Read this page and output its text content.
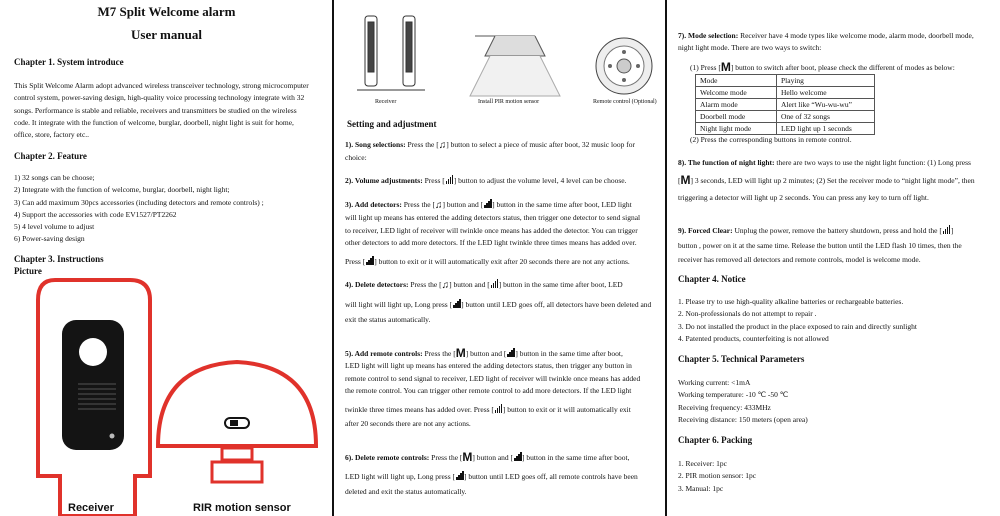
M7 Split Welcome alarm
User manual
Chapter 1. System introduce
This Split Welcome Alarm adopt advanced wireless transceiver technology, strong microcomputer
control system, power-saving design, high-quality voice processing technology integrate with 32
songs. Performance is stable and reliable, receivers and transmitters be studied on the wireless
code. It integrate with the function of welcome, burglar, doorbell, night light is suit for home,
office, store, factory etc..
Chapter 2. Feature
1) 32 songs can be choose;
2) Integrate with the function of welcome, burglar, doorbell, night light;
3) Can add maximum 30pcs accessories (including detectors and remote controls) ;
4) Support the accessories with code EV1527/PT2262
5) 4 level volume to adjust
6) Power-saving design
Chapter 3. Instructions
Picture
Receiver	RIR motion sensor
Receiver	Install PIR motion sensor	Remote control (Optional)
Setting and adjustment
1). Song selections: Press the [♫] button to select a piece of music after boot, 32 music loop for
choice:
2). Volume adjustments: Press [ ] button to adjust the volume level, 4 level can be choose.
3). Add detectors: Press the [♫] button and [ ] button in the same time after boot, LED light
will light up means has entered the adding detectors status, then trigger one detector to send signal
to receiver, LED light of receiver will twinkle once means has added the detector. You can trigger
other detectors to add more detectors. If the LED light twinkle three times means has added over.
Press [ ] button to exit or it will automatically exit after 20 seconds there are not any actions.
4). Delete detectors: Press the [♫] button and [ ] button in the same time after boot, LED
will light will light up, Long press [ ] button until LED goes off, all detectors have been deleted and
exit the status automatically.
5). Add remote controls: Press the [M] button and [ ] button in the same time after boot,
LED light will light up means has entered the adding detectors status, then trigger any button in
remote control to send signal to receiver, LED light of receiver will twinkle once means has added
the remote control. You can trigger other remote control to add more detectors. If the LED light
twinkle three times means has added over. Press [ ] button to exit or it will automatically exit
after 20 seconds there are not any actions.
6). Delete remote controls: Press the [M] button and [ ] button in the same time after boot,
LED light will light up, Long press [ ] button until LED goes off, all remote controls have been
deleted and exit the status automatically.
7). Mode selection: Receiver have 4 mode types like welcome mode, alarm mode, doorbell mode,
night light mode. There are two ways to switch:
(1) Press [M] button to switch after boot, please check the different of modes as below:
Mode	Playing
Welcome mode	Hello welcome
Alarm mode	Alert like “Wu-wu-wu”
Doorbell mode	One of 32 songs
Night light mode	LED light up 1 seconds
(2) Press the corresponding buttons in remote control.
8). The function of night light: there are two ways to use the night light function: (1) Long press
[M] 3 seconds, LED will light up 2 minutes; (2) Set the receiver mode to “night light mode”, then
triggering a detector will light up 2 seconds. You can press any key to turn off light.
9). Forced Clear: Unplug the power, remove the battery shutdown, press and hold the [ ]
button , power on it at the same time. Release the button until the LED flash 10 times, then the
receiver has removed all detectors and remote controls, model is welcome mode.
Chapter 4. Notice
1. Please try to use high-quality alkaline batteries or rechargeable batteries.
2. Non-professionals do not attempt to repair .
3. Do not installed the product in the place exposed to rain and directly sunlight
4. Patented products, counterfeiting is not allowed
Chapter 5. Technical Parameters
Working current: <1mA
Working temperature: -10 ℃ -50 ℃
Receiving frequency: 433MHz
Receiving distance: 150 meters (open area)
Chapter 6. Packing
1. Receiver: 1pc
2. PIR motion sensor: 1pc
3. Manual: 1pc
